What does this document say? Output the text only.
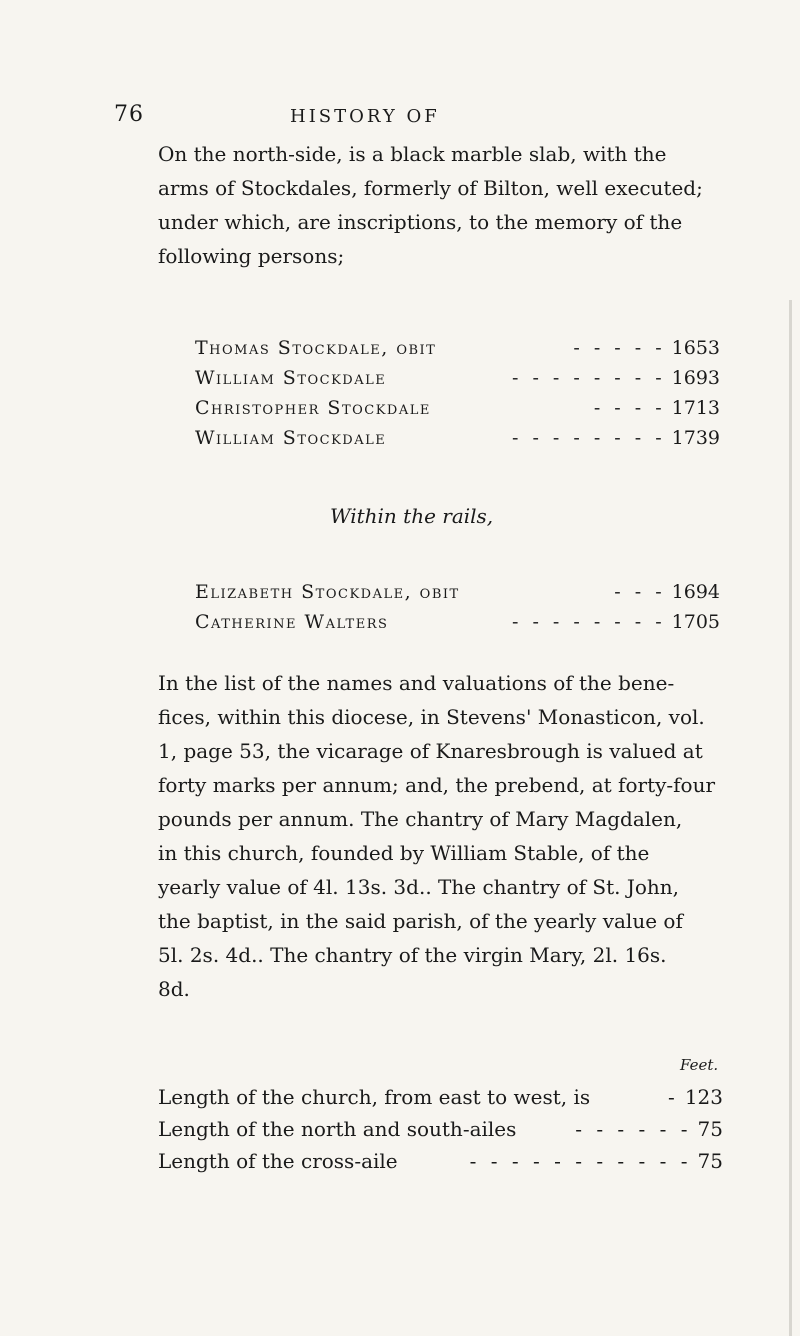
76	HISTORY OF
On the north-side, is a black marble slab, with the
arms of Stockdales, formerly of Bilton, well executed;
under which, are inscriptions, to the memory of the
following persons;
Thomas Stockdale, obit	- - - - - 1653
William Stockdale	- - - - - - - - 1693
Christopher Stockdale	- - - - 1713
William Stockdale	- - - - - - - - 1739
Within the rails,
Elizabeth Stockdale, obit	- - - 1694
Catherine Walters	- - - - - - - - 1705
In the list of the names and valuations of the bene-
fices, within this diocese, in Stevens' Monasticon, vol.
1, page 53, the vicarage of Knaresbrough is valued at
forty marks per annum; and, the prebend, at forty-four
pounds per annum. The chantry of Mary Magdalen,
in this church, founded by William Stable, of the
yearly value of 4l. 13s. 3d.. The chantry of St. John,
the baptist, in the said parish, of the yearly value of
5l. 2s. 4d.. The chantry of the virgin Mary, 2l. 16s.
8d.
Feet.
Length of the church, from east to west, is	- 123
Length of the north and south-ailes	- - - - - - 75
Length of the cross-aile	- - - - - - - - - - - 75
